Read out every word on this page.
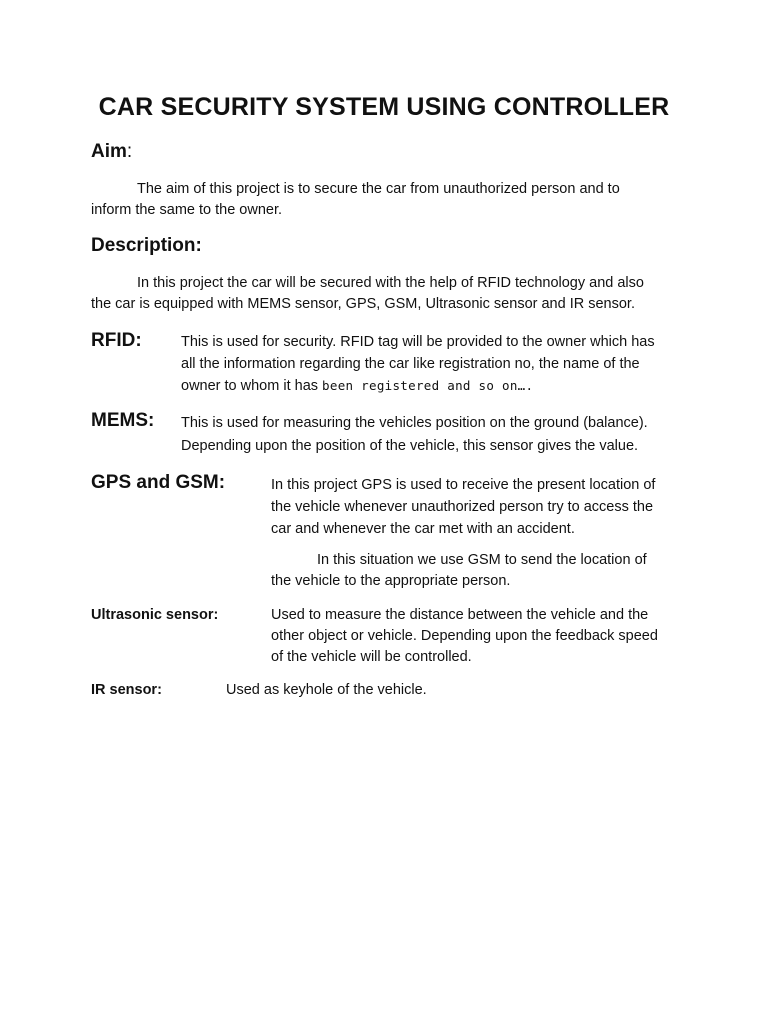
CAR SECURITY SYSTEM USING CONTROLLER
Aim:
The aim of this project is to secure the car from unauthorized person and to
inform the same to the owner.
Description:
In this project the car will be secured with the help of RFID technology and also
the car is equipped with MEMS sensor, GPS, GSM, Ultrasonic sensor and IR sensor.
RFID:	This is used for security. RFID tag will be provided to the owner which has
all the information regarding the car like registration no, the name of the
owner to whom it has been registered and so on….
MEMS: This is used for measuring the vehicles position on the ground (balance).
Depending upon the position of the vehicle, this sensor gives the value.
GPS and GSM:	In this project GPS is used to receive the present location of
the vehicle whenever unauthorized person try to access the
car and whenever the car met with an accident.
In this situation we use GSM to send the location of
the vehicle to the appropriate person.
Ultrasonic sensor:	Used to measure the distance between the vehicle and the
other object or vehicle. Depending upon the feedback speed
of the vehicle will be controlled.
IR sensor:	Used as keyhole of the vehicle.
